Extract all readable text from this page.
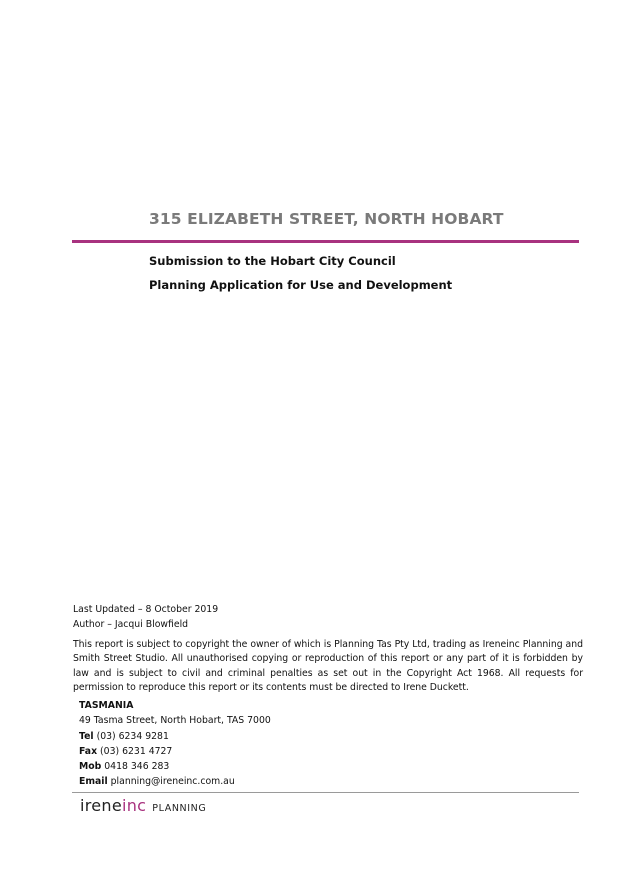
315 ELIZABETH STREET, NORTH HOBART
Submission to the Hobart City Council
Planning Application for Use and Development
Last Updated – 8 October 2019
Author – Jacqui Blowfield
This report is subject to copyright the owner of which is Planning Tas Pty Ltd, trading as Ireneinc Planning and Smith Street Studio. All unauthorised copying or reproduction of this report or any part of it is forbidden by law and is subject to civil and criminal penalties as set out in the Copyright Act 1968. All requests for permission to reproduce this report or its contents must be directed to Irene Duckett.
TASMANIA
49 Tasma Street, North Hobart, TAS 7000
Tel (03) 6234 9281
Fax (03) 6231 4727
Mob 0418 346 283
Email planning@ireneinc.com.au
ireneinc PLANNING
